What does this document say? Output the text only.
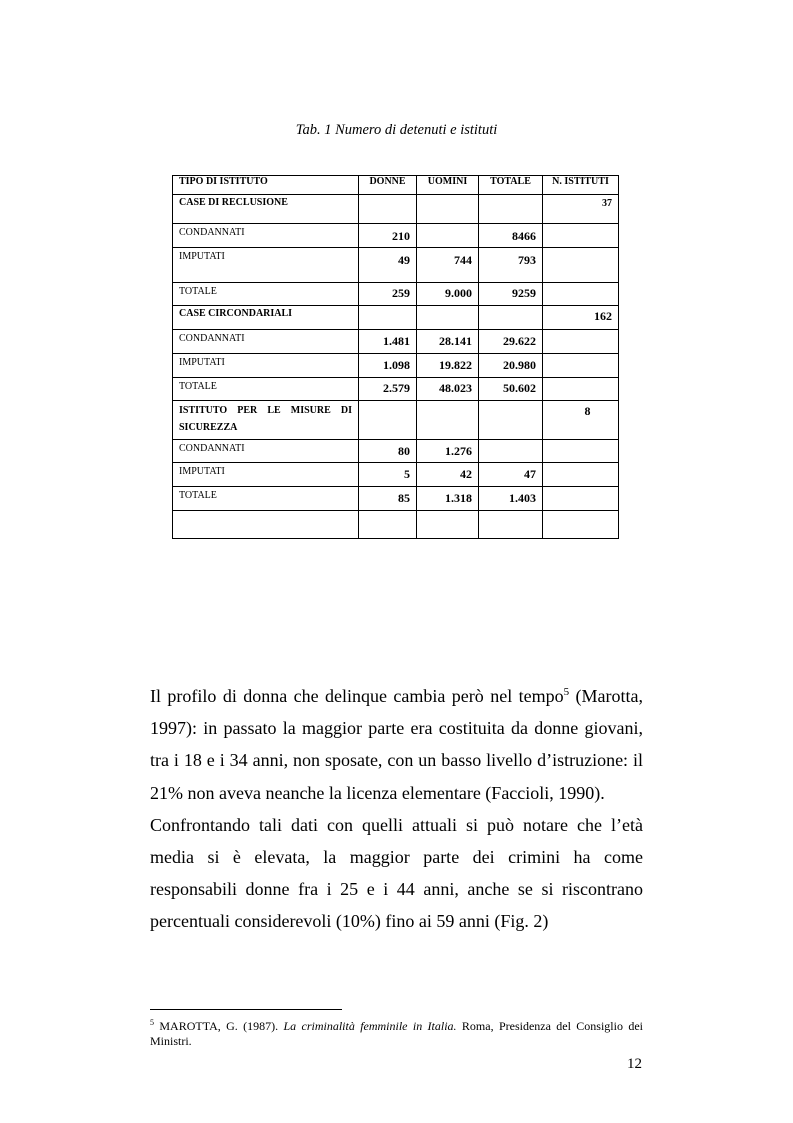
Tab. 1 Numero di detenuti e istituti
TIPO DI ISTITUTO	DONNE	UOMINI	TOTALE	N. ISTITUTI
CASE DI RECLUSIONE				37
CONDANNATI	210		8466	
IMPUTATI	49	744	793	
TOTALE	259	9.000	9259	
CASE CIRCONDARIALI				162
CONDANNATI	1.481	28.141	29.622	
IMPUTATI	1.098	19.822	20.980	
TOTALE	2.579	48.023	50.602	
ISTITUTO PER LE MISURE DI
SICUREZZA				8
CONDANNATI	80	1.276		
IMPUTATI	5	42	47	
TOTALE	85	1.318	1.403	

Il profilo di donna che delinque cambia però nel tempo$^5$ (Marotta, 1997): in passato la maggior parte era costituita da donne giovani, tra i 18 e i 34 anni, non sposate, con un basso livello d’istruzione: il 21% non aveva neanche la licenza elementare (Faccioli, 1990).

Confrontando tali dati con quelli attuali si può notare che l’età media si è elevata, la maggior parte dei crimini ha come responsabili donne fra i 25 e i 44 anni, anche se si riscontrano percentuali considerevoli (10%) fino ai 59 anni (Fig. 2)

$^5$ MAROTTA, G. (1987). La criminalità femminile in Italia. Roma, Presidenza del Consiglio dei Ministri.
12
